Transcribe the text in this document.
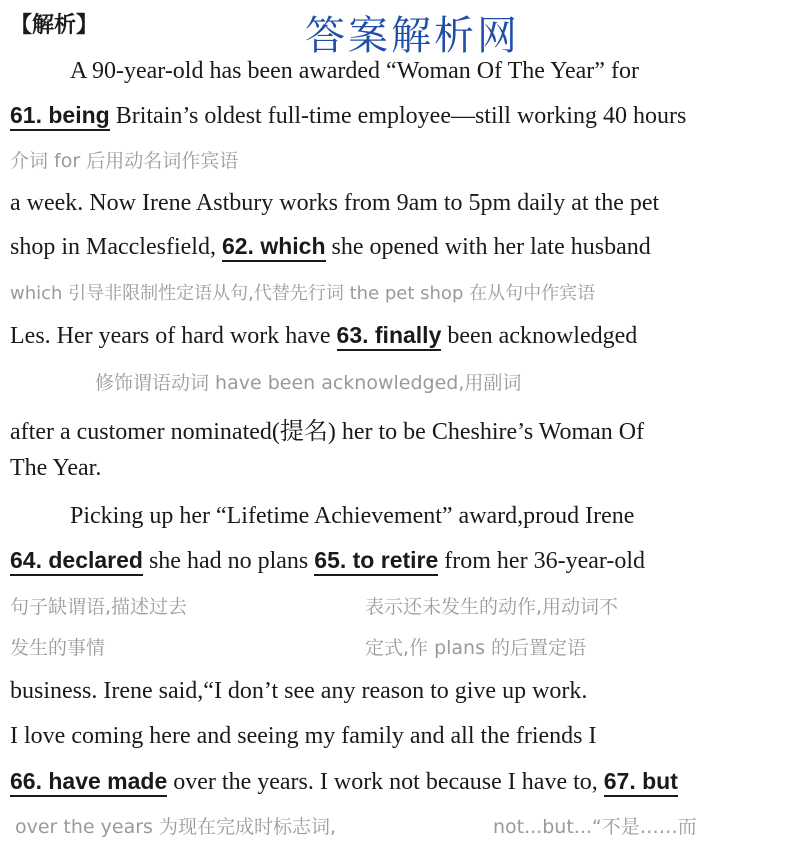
【解析】	答案解析网
A 90-year-old has been awarded “Woman Of The Year” for
61. being Britain’s oldest full-time employee—still working 40 hours
介词 for 后用动名词作宾语
a week. Now Irene Astbury works from 9am to 5pm daily at the pet
shop in Macclesfield, 62. which she opened with her late husband
which 引导非限制性定语从句,代替先行词 the pet shop 在从句中作宾语
Les. Her years of hard work have 63. finally been acknowledged
修饰谓语动词 have been acknowledged,用副词
after a customer nominated(提名) her to be Cheshire’s Woman Of
The Year.
Picking up her “Lifetime Achievement” award,proud Irene
64. declared she had no plans 65. to retire from her 36-year-old
句子缺谓语,描述过去
发生的事情
表示还未发生的动作,用动词不
定式,作 plans 的后置定语
business. Irene said,“I don’t see any reason to give up work.
I love coming here and seeing my family and all the friends I
66. have made over the years. I work not because I have to, 67. but
over the years 为现在完成时标志词,	not...but...“不是……而
